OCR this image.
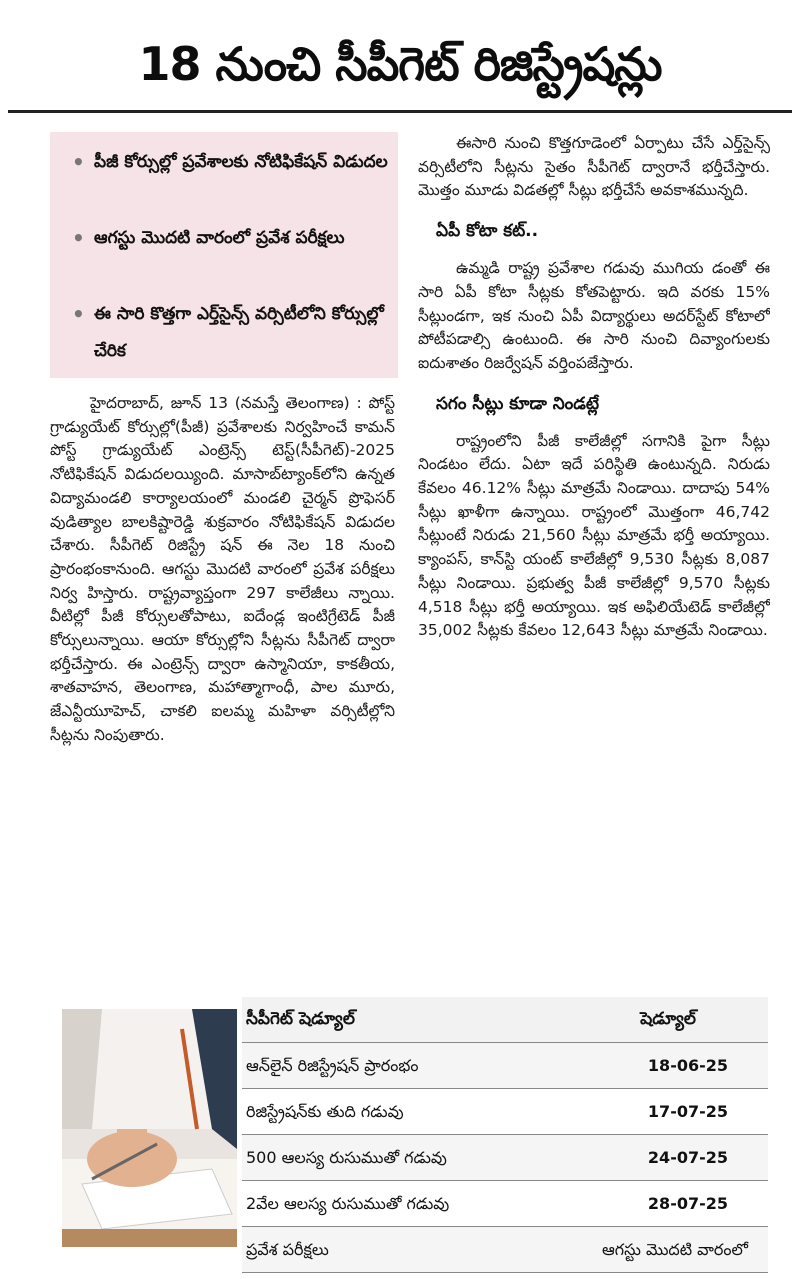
18 నుంచి సీపీగెట్ రిజిస్ట్రేషన్లు
• పీజీ కోర్సుల్లో ప్రవేశాలకు నోటిఫికేషన్ విడుదల
• ఆగస్టు మొదటి వారంలో ప్రవేశ పరీక్షలు
• ఈ సారి కొత్తగా ఎర్త్‌సైన్స్ వర్సిటీలోని కోర్సుల్లో చేరిక
హైదరాబాద్, జూన్ 13 (నమస్తే తెలంగాణ) : పోస్ట్ గ్రాడ్యుయేట్ కోర్సుల్లో(పీజీ) ప్రవేశాలకు నిర్వహించే కామన్ పోస్ట్ గ్రాడ్యుయేట్ ఎంట్రెన్స్ టెస్ట్(సీపీగెట్)-2025 నోటిఫికేషన్ విడుదలయ్యింది. మాసాబ్‌ట్యాంక్‌లోని ఉన్నత విద్యామండలి కార్యాలయంలో మండలి చైర్మన్ ప్రొఫెసర్ వుడిత్యాల బాలకిష్టారెడ్డి శుక్రవారం నోటిఫికేషన్ విడుదల చేశారు. సీపీగెట్ రిజిస్ట్రే షన్ ఈ నెల 18 నుంచి ప్రారంభంకానుంది. ఆగస్టు మొదటి వారంలో ప్రవేశ పరీక్షలు నిర్వ హిస్తారు. రాష్ట్రవ్యాప్తంగా 297 కాలేజీలు న్నాయి. వీటిల్లో పీజీ కోర్సులతోపాటు, ఐదేండ్ల ఇంటిగ్రేటెడ్ పీజీ కోర్సులున్నాయి. ఆయా కోర్సుల్లోని సీట్లను సీపీగెట్ ద్వారా భర్తీచేస్తారు. ఈ ఎంట్రెన్స్ ద్వారా ఉస్మానియా, కాకతీయ, శాతవాహన, తెలంగాణ, మహాత్మాగాంధీ, పాల మూరు, జేఎన్టీయూహెచ్, చాకలి ఐలమ్మ మహిళా వర్సిటీల్లోని సీట్లను నింపుతారు.

ఈసారి నుంచి కొత్తగూడెంలో ఏర్పాటు చేసే ఎర్త్‌సైన్స్ వర్సిటీలోని సీట్లను సైతం సీపీగెట్ ద్వారానే భర్తీచేస్తారు. మొత్తం మూడు విడతల్లో సీట్లు భర్తీచేసే అవకాశమున్నది.

ఏపీ కోటా కట్..

ఉమ్మడి రాష్ట్ర ప్రవేశాల గడువు ముగియ డంతో ఈ సారి ఏపీ కోటా సీట్లకు కోతపెట్టారు. ఇది వరకు 15% సీట్లుండగా, ఇక నుంచి ఏపీ విద్యార్థులు అదర్‌స్టేట్ కోటాలో పోటీపడాల్సి ఉంటుంది. ఈ సారి నుంచి దివ్యాంగులకు ఐదుశాతం రిజర్వేషన్ వర్తింపజేస్తారు.

సగం సీట్లు కూడా నిండట్లే

రాష్ట్రంలోని పీజీ కాలేజీల్లో సగానికి పైగా సీట్లు నిండటం లేదు. ఏటా ఇదే పరిస్థితి ఉంటున్నది. నిరుడు కేవలం 46.12% సీట్లు మాత్రమే నిండాయి. దాదాపు 54% సీట్లు ఖాళీగా ఉన్నాయి. రాష్ట్రంలో మొత్తంగా 46,742 సీట్లుంటే నిరుడు 21,560 సీట్లు మాత్రమే భర్తీ అయ్యాయి. క్యాంపస్, కాన్‌స్టి యంట్ కాలేజీల్లో 9,530 సీట్లకు 8,087 సీట్లు నిండాయి. ప్రభుత్వ పీజీ కాలేజీల్లో 9,570 సీట్లకు 4,518 సీట్లు భర్తీ అయ్యాయి. ఇక అఫిలియేటెడ్ కాలేజీల్లో 35,002 సీట్లకు కేవలం 12,643 సీట్లు మాత్రమే నిండాయి.

సీపీగెట్ షెడ్యూల్	షెడ్యూల్
ఆన్‌లైన్ రిజిస్ట్రేషన్ ప్రారంభం	18-06-25
రిజిస్ట్రేషన్‌కు తుది గడువు	17-07-25
500 ఆలస్య రుసుముతో గడువు	24-07-25
2వేల ఆలస్య రుసుముతో గడువు	28-07-25
ప్రవేశ పరీక్షలు	ఆగస్టు మొదటి వారంలో
